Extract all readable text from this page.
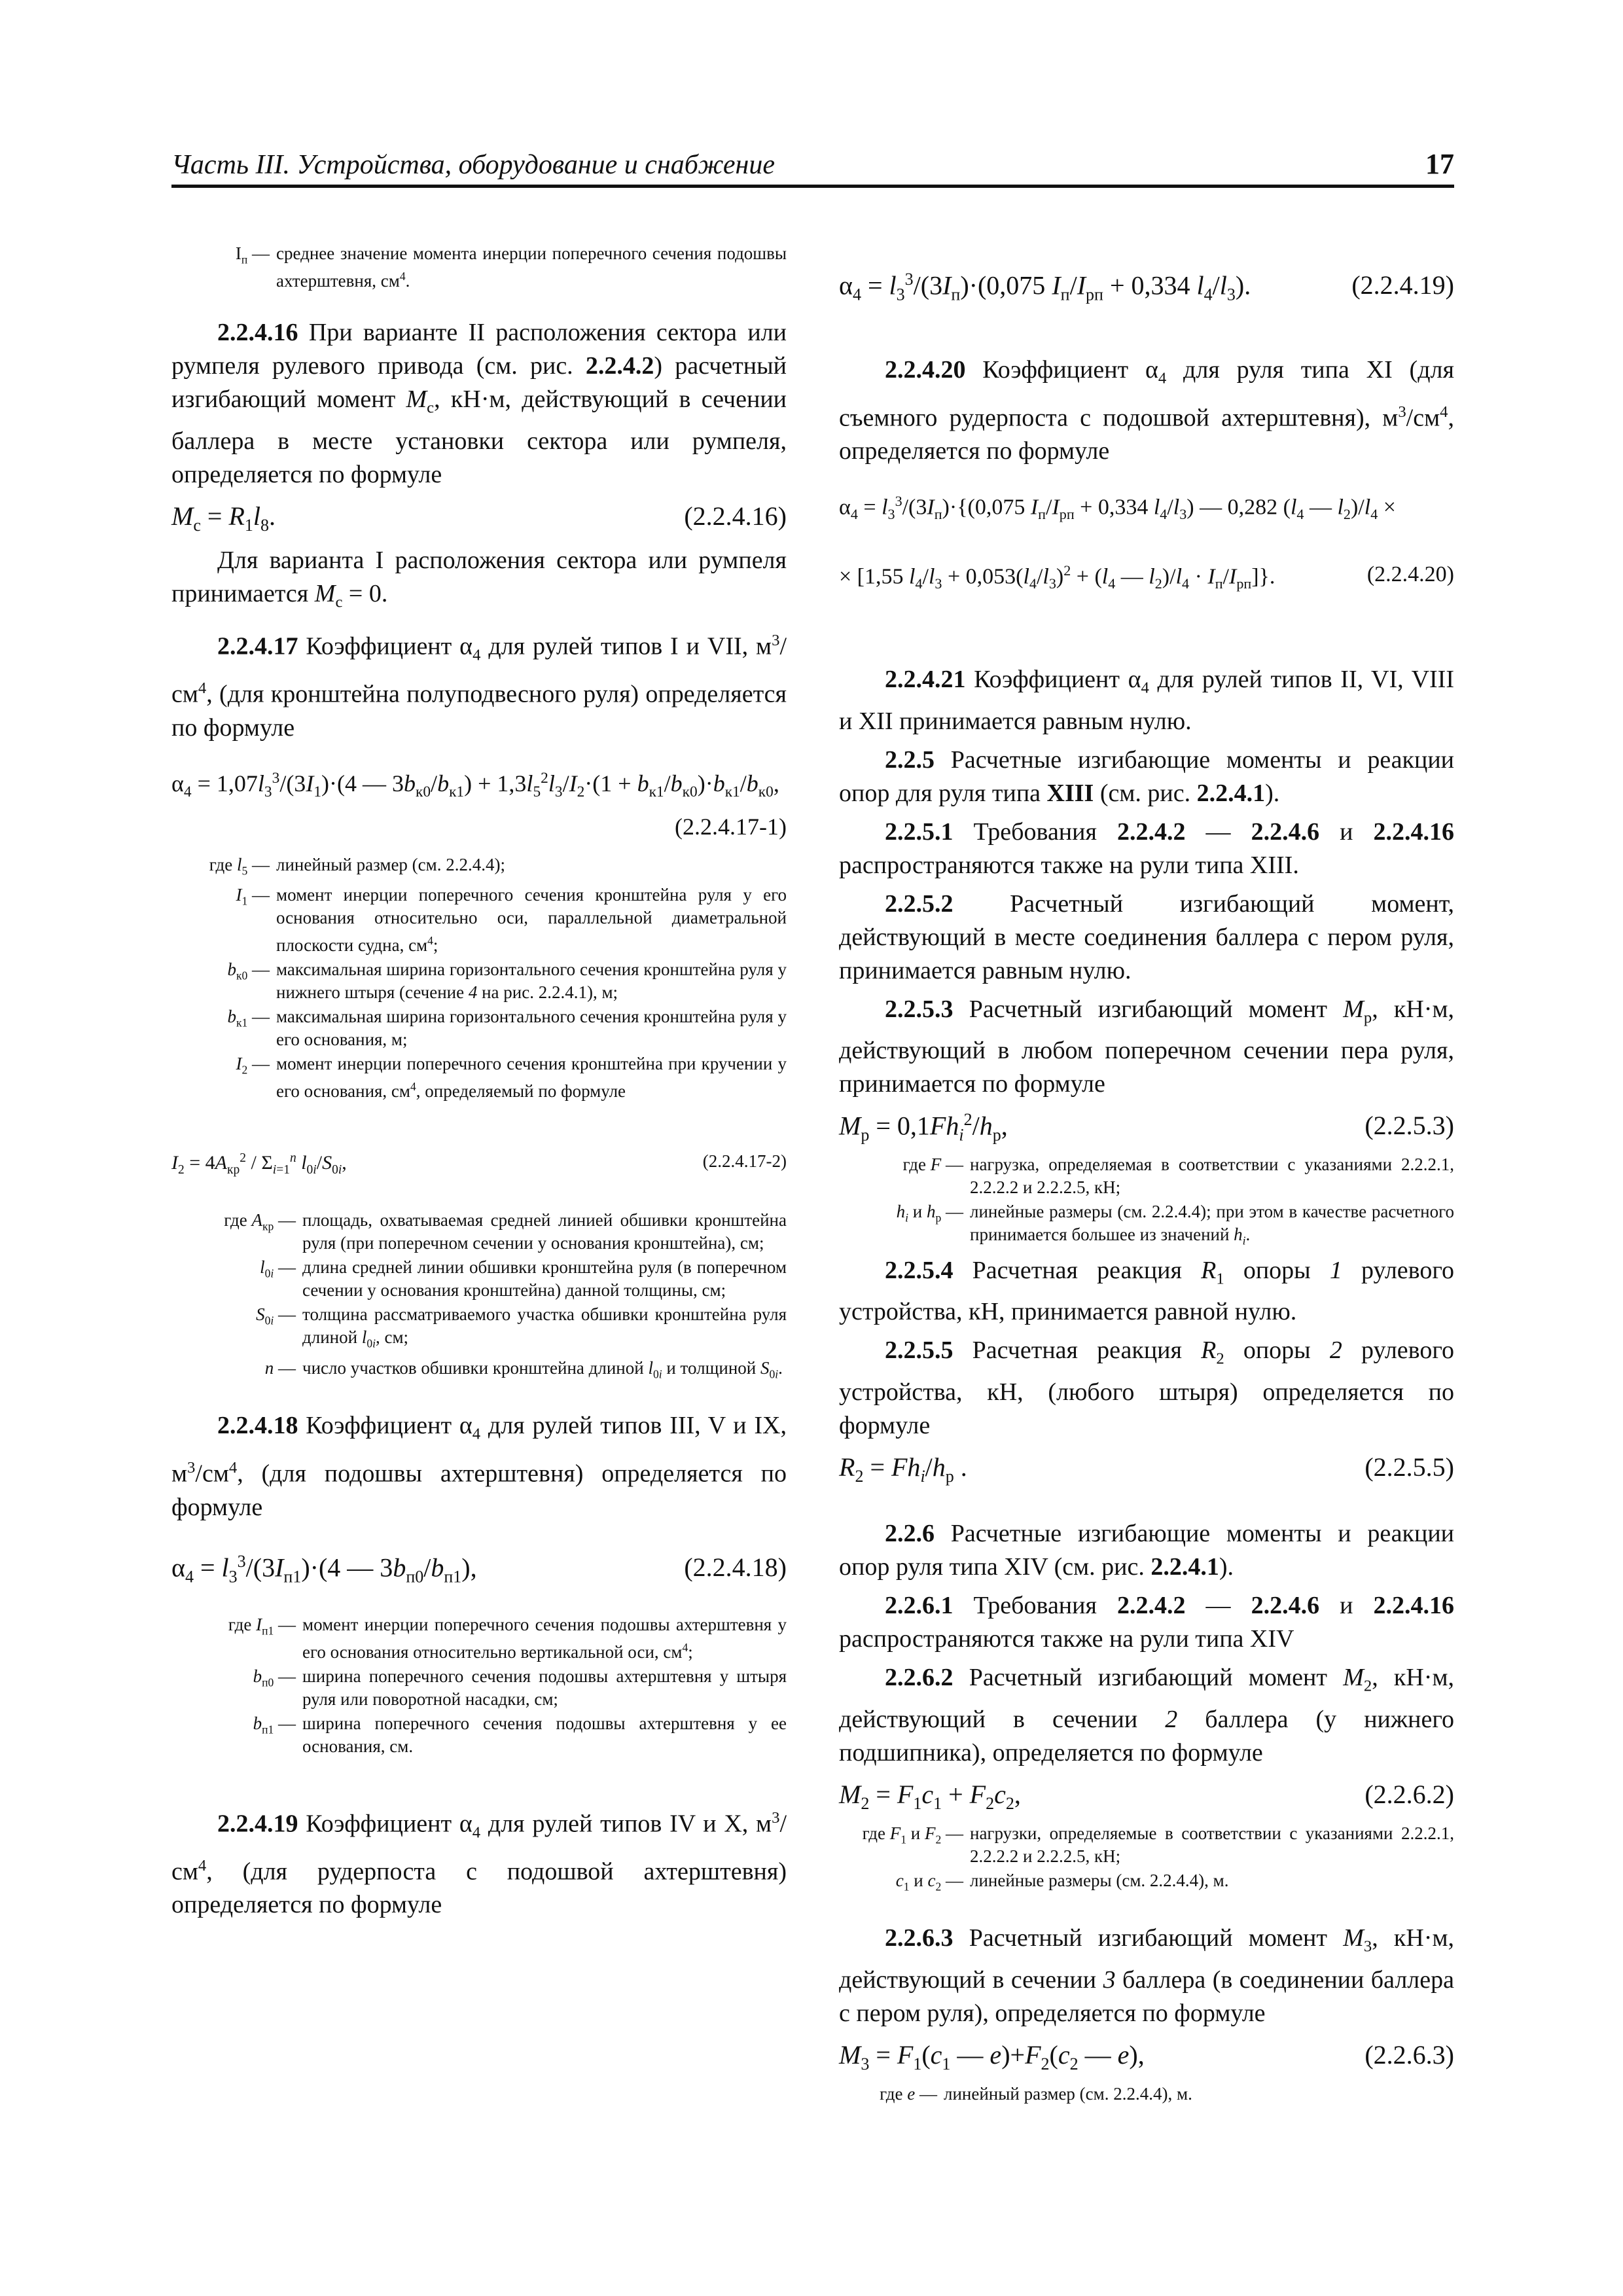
Часть III. Устройства, оборудование и снабжение	17
$I_п$ — среднее значение момента инерции поперечного сечения подошвы ахтерштевня, $см^4$.

2.2.4.16 При варианте II расположения сектора или румпеля рулевого привода (см. рис. 2.2.4.2) расчетный изгибающий момент $M_с$, кН·м, действующий в сечении баллера в месте установки сектора или румпеля, определяется по формуле

$M_с = R_1l_8$.	(2.2.4.16)

Для варианта I расположения сектора или румпеля принимается $M_с = 0$.

2.2.4.17 Коэффициент $\alpha_4$ для рулей типов I и VII, $м^3/см^4$, (для кронштейна полуподвесного руля) определяется по формуле

$\alpha_4 = 1,07l_3^3/(3I_1)\cdot(4$ — $3b_{к0}/b_{к1}) + 1,3l_5^2l_3/I_2\cdot(1 + b_{к1}/b_{к0})\cdot b_{к1}/b_{к0}$,
(2.2.4.17-1)
где $l_5$ — линейный размер (см. 2.2.4.4);
$I_1$ — момент инерции поперечного сечения кронштейна руля у его основания относительно оси, параллельной диаметральной плоскости судна, $см^4$;
$b_{к0}$ — максимальная ширина горизонтального сечения кронштейна руля у нижнего штыря (сечение 4 на рис. 2.2.4.1), м;
$b_{к1}$ — максимальная ширина горизонтального сечения кронштейна руля у его основания, м;
$I_2$ — момент инерции поперечного сечения кронштейна при кручении у его основания, $см^4$, определяемый по формуле
$I_2 = 4A_{кр}^2 / \Sigma_{i=1}^n$ $l_{0i}/S_{0i}$,	(2.2.4.17-2)
где $A_{кр}$ — площадь, охватываемая средней линией обшивки кронштейна руля (при поперечном сечении у основания кронштейна), см;
$l_{0i}$ — длина средней линии обшивки кронштейна руля (в поперечном сечении у основания кронштейна) данной толщины, см;
$S_{0i}$ — толщина рассматриваемого участка обшивки кронштейна руля длиной $l_{0i}$, см;
n — число участков обшивки кронштейна длиной $l_{0i}$ и толщиной $S_{0i}$.

2.2.4.18 Коэффициент $\alpha_4$ для рулей типов III, V и IX, $м^3/см^4$, (для подошвы ахтерштевня) определяется по формуле

$\alpha_4 = l_3^3/(3I_{п1})\cdot(4$ — $3b_{п0}/b_{п1}$),	(2.2.4.18)
где $I_{п1}$ — момент инерции поперечного сечения подошвы ахтерштевня у его основания относительно вертикальной оси, $см^4$;
$b_{п0}$ — ширина поперечного сечения подошвы ахтерштевня у штыря руля или поворотной насадки, см;
$b_{п1}$ — ширина поперечного сечения подошвы ахтерштевня у ее основания, см.

2.2.4.19 Коэффициент $\alpha_4$ для рулей типов IV и X, $м^3/см^4$, (для рудерпоста с подошвой ахтерштевня) определяется по формуле

$\alpha_4 = l_3^3/(3I_п)\cdot(0,075$ $I_п/I_{рп} + 0,334$ $l_4/l_3$).	(2.2.4.19)

2.2.4.20 Коэффициент $\alpha_4$ для руля типа XI (для съемного рудерпоста с подошвой ахтерштевня), $м^3/см^4$, определяется по формуле

$\alpha_4 = l_3^3/(3I_п)\cdot\{(0,075$ $I_п/I_{рп} + 0,334$ $l_4/l_3$) — 0,282 ($l_4$ — $l_2)/l_4$ ×
× [1,55 $l_4/l_3 + 0,053(l_4/l_3)^2 + (l_4$ — $l_2)/l_4 \cdot I_п/I_{рп}$]}.	(2.2.4.20)

2.2.4.21 Коэффициент $\alpha_4$ для рулей типов II, VI, VIII и XII принимается равным нулю.

2.2.5 Расчетные изгибающие моменты и реакции опор для руля типа XIII (см. рис. 2.2.4.1).

2.2.5.1 Требования 2.2.4.2 — 2.2.4.6 и 2.2.4.16 распространяются также на рули типа XIII.

2.2.5.2 Расчетный изгибающий момент, действующий в месте соединения баллера с пером руля, принимается равным нулю.

2.2.5.3 Расчетный изгибающий момент $M_р$, кН·м, действующий в любом поперечном сечении пера руля, принимается по формуле

$M_р = 0,1Fh_i^2/h_р$,	(2.2.5.3)
где F — нагрузка, определяемая в соответствии с указаниями 2.2.2.1, 2.2.2.2 и 2.2.2.5, кН;
$h_i$ и $h_р$ — линейные размеры (см. 2.2.4.4); при этом в качестве расчетного принимается большее из значений $h_i$.

2.2.5.4 Расчетная реакция $R_1$ опоры 1 рулевого устройства, кН, принимается равной нулю.

2.2.5.5 Расчетная реакция $R_2$ опоры 2 рулевого устройства, кН, (любого штыря) определяется по формуле

$R_2 = Fh_i/h_р$ .	(2.2.5.5)

2.2.6 Расчетные изгибающие моменты и реакции опор руля типа XIV (см. рис. 2.2.4.1).

2.2.6.1 Требования 2.2.4.2 — 2.2.4.6 и 2.2.4.16 распространяются также на рули типа XIV

2.2.6.2 Расчетный изгибающий момент $M_2$, кН·м, действующий в сечении 2 баллера (у нижнего подшипника), определяется по формуле

$M_2 = F_1c_1 + F_2c_2$,	(2.2.6.2)
где $F_1$ и $F_2$ — нагрузки, определяемые в соответствии с указаниями 2.2.2.1, 2.2.2.2 и 2.2.2.5, кН;
$c_1$ и $c_2$ — линейные размеры (см. 2.2.4.4), м.

2.2.6.3 Расчетный изгибающий момент $M_3$, кН·м, действующий в сечении 3 баллера (в соединении баллера с пером руля), определяется по формуле

$M_3 = F_1(c_1$ — $e)+F_2(c_2$ — e),	(2.2.6.3)
где e — линейный размер (см. 2.2.4.4), м.
